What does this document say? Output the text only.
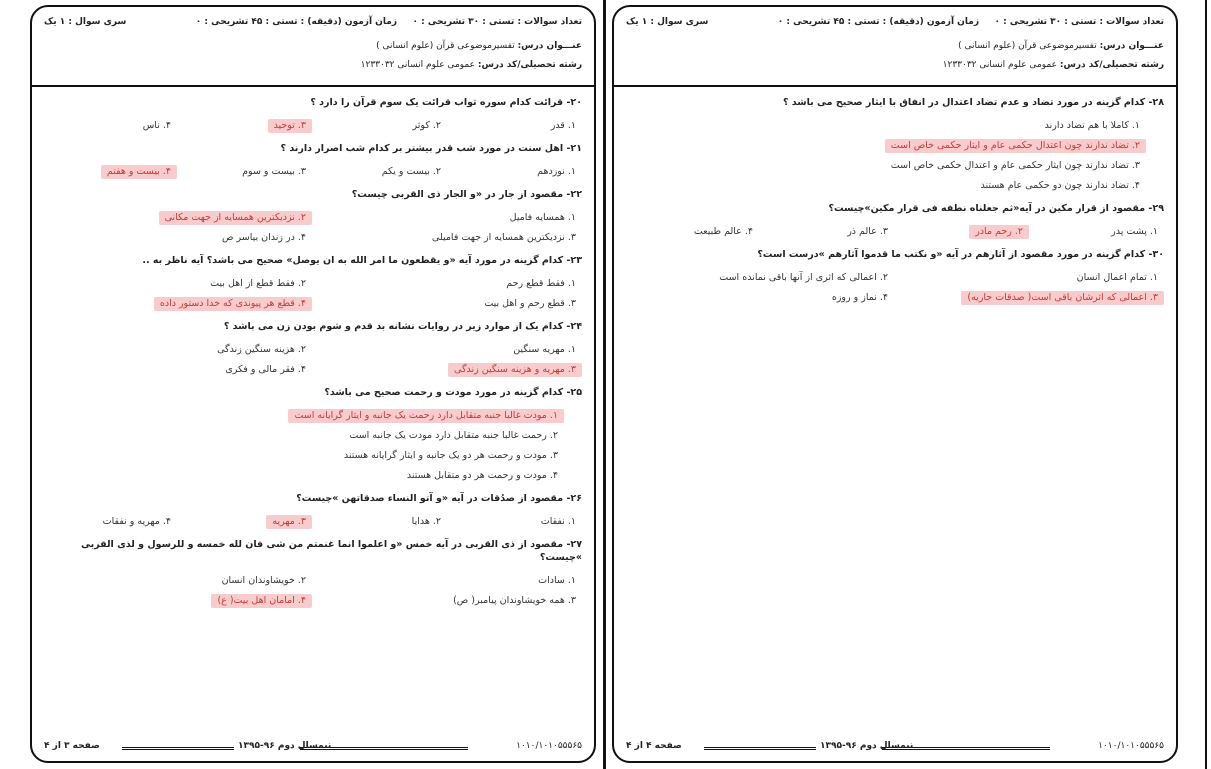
تعداد سوالات : تستی : ۳۰ تشریحی : ۰
زمان آزمون (دقیقه) : تستی : ۴۵ تشریحی : ۰
سری سوال : ۱ یک
عنـــوان درس: تفسیرموضوعی قرآن (علوم انسانی )
رشته تحصیلی/کد درس: عمومی علوم انسانی ۱۲۳۳۰۳۲
۲۰- قرائت کدام سوره ثواب قرائت یک سوم قرآن را دارد ؟
۱. قدر
۲. کوثر
۳. توحید
۴. ناس
۲۱- اهل سنت در مورد شب قدر بیشتر بر کدام شب اصرار دارند ؟
۱. نوزدهم
۲. بیست و یکم
۳. بیست و سوم
۴. بیست و هفتم
۲۲- مقصود از جار در «و الجار ذی القربی چیست؟
۱. همسایه فامیل
۲. نزدیکترین همسایه از جهت مکانی
۳. نزدیکترین همسایه از جهت فامیلی
۴. در زندان بیاسر ص
۲۳- کدام گزینه در مورد آیه «و یقطعون ما امر الله به ان یوصل» صحیح می باشد؟ آیه ناظر به ..
۱. فقط قطع رحم
۲. فقط قطع از اهل بیت
۳. قطع رحم و اهل بیت
۴. قطع هر پیوندی که خدا دستور داده
۲۴- کدام یک از موارد زیر در روایات نشانه بد قدم و شوم بودن زن می باشد ؟
۱. مهریه سنگین
۲. هزینه سنگین زندگی
۳. مهریه و هزینه سنگین زندگی
۴. فقر مالی و فکری
۲۵- کدام گزینه در مورد مودت و رحمت صحیح می باشد؟
۱. مودت غالبا جنبه متقابل دارد رحمت یک جانبه و ایثار گرایانه است
۲. رحمت غالبا جنبه متقابل دارد مودت یک جانبه است
۳. مودت و رحمت هر دو یک جانبه و ایثار گرایانه هستند
۴. مودت و رحمت هر دو متقابل هستند
۲۶- مقصود از صدُقات در آیه «و آتو النساء صدقاتهن »چیست؟
۱. نفقات
۲. هدایا
۳. مهریه
۴. مهریه و نفقات
۲۷- مقصود از ذی القربی در آیه خمس «و اعلموا انما غنمتم من شی فان لله خمسه و للرسول و لذی القربی »چیست؟
۱. سادات
۲. خویشاوندان انسان
۳. همه خویشاوندان پیامبر( ص)
۴. امامان اهل بیت( ع)
۱۰۱۰/۱۰۱۰۵۵۵۶۵
نیمسال دوم ۹۶-۱۳۹۵
صفحه ۳ از ۴
تعداد سوالات : تستی : ۳۰ تشریحی : ۰
زمان آزمون (دقیقه) : تستی : ۴۵ تشریحی : ۰
سری سوال : ۱ یک
عنـــوان درس: تفسیرموضوعی قرآن (علوم انسانی )
رشته تحصیلی/کد درس: عمومی علوم انسانی ۱۲۳۳۰۳۲
۲۸- کدام گزینه در مورد تضاد و عدم تضاد اعتدال در انفاق با ایثار صحیح می باشد ؟
۱. کاملا با هم تضاد دارند
۲. تضاد ندارند چون اعتدال حکمی عام و ایثار حکمی خاص است
۳. تضاد ندارند چون ایثار حکمی عام و اعتدال حکمی خاص است
۴. تضاد ندارند چون دو حکمی عام هستند
۲۹- مقصود از قرار مکین در آیه«ثم جعلناه نطفه فی قرار مکین»چیست؟
۱. پشت پدر
۲. رحم مادر
۳. عالم ذر
۴. عالم طبیعت
۳۰- کدام گزینه در مورد مقصود از آثارهم در آیه «و نکتب ما قدموا آثارهم »درست است؟
۱. تمام اعمال انسان
۲. اعمالی که اثری از آنها باقی نمانده است
۳. اعمالی که اثرشان باقی است( صدقات جاریه)
۴. نماز و روزه
۱۰۱۰/۱۰۱۰۵۵۵۶۵
نیمسال دوم ۹۶-۱۳۹۵
صفحه ۴ از ۴
